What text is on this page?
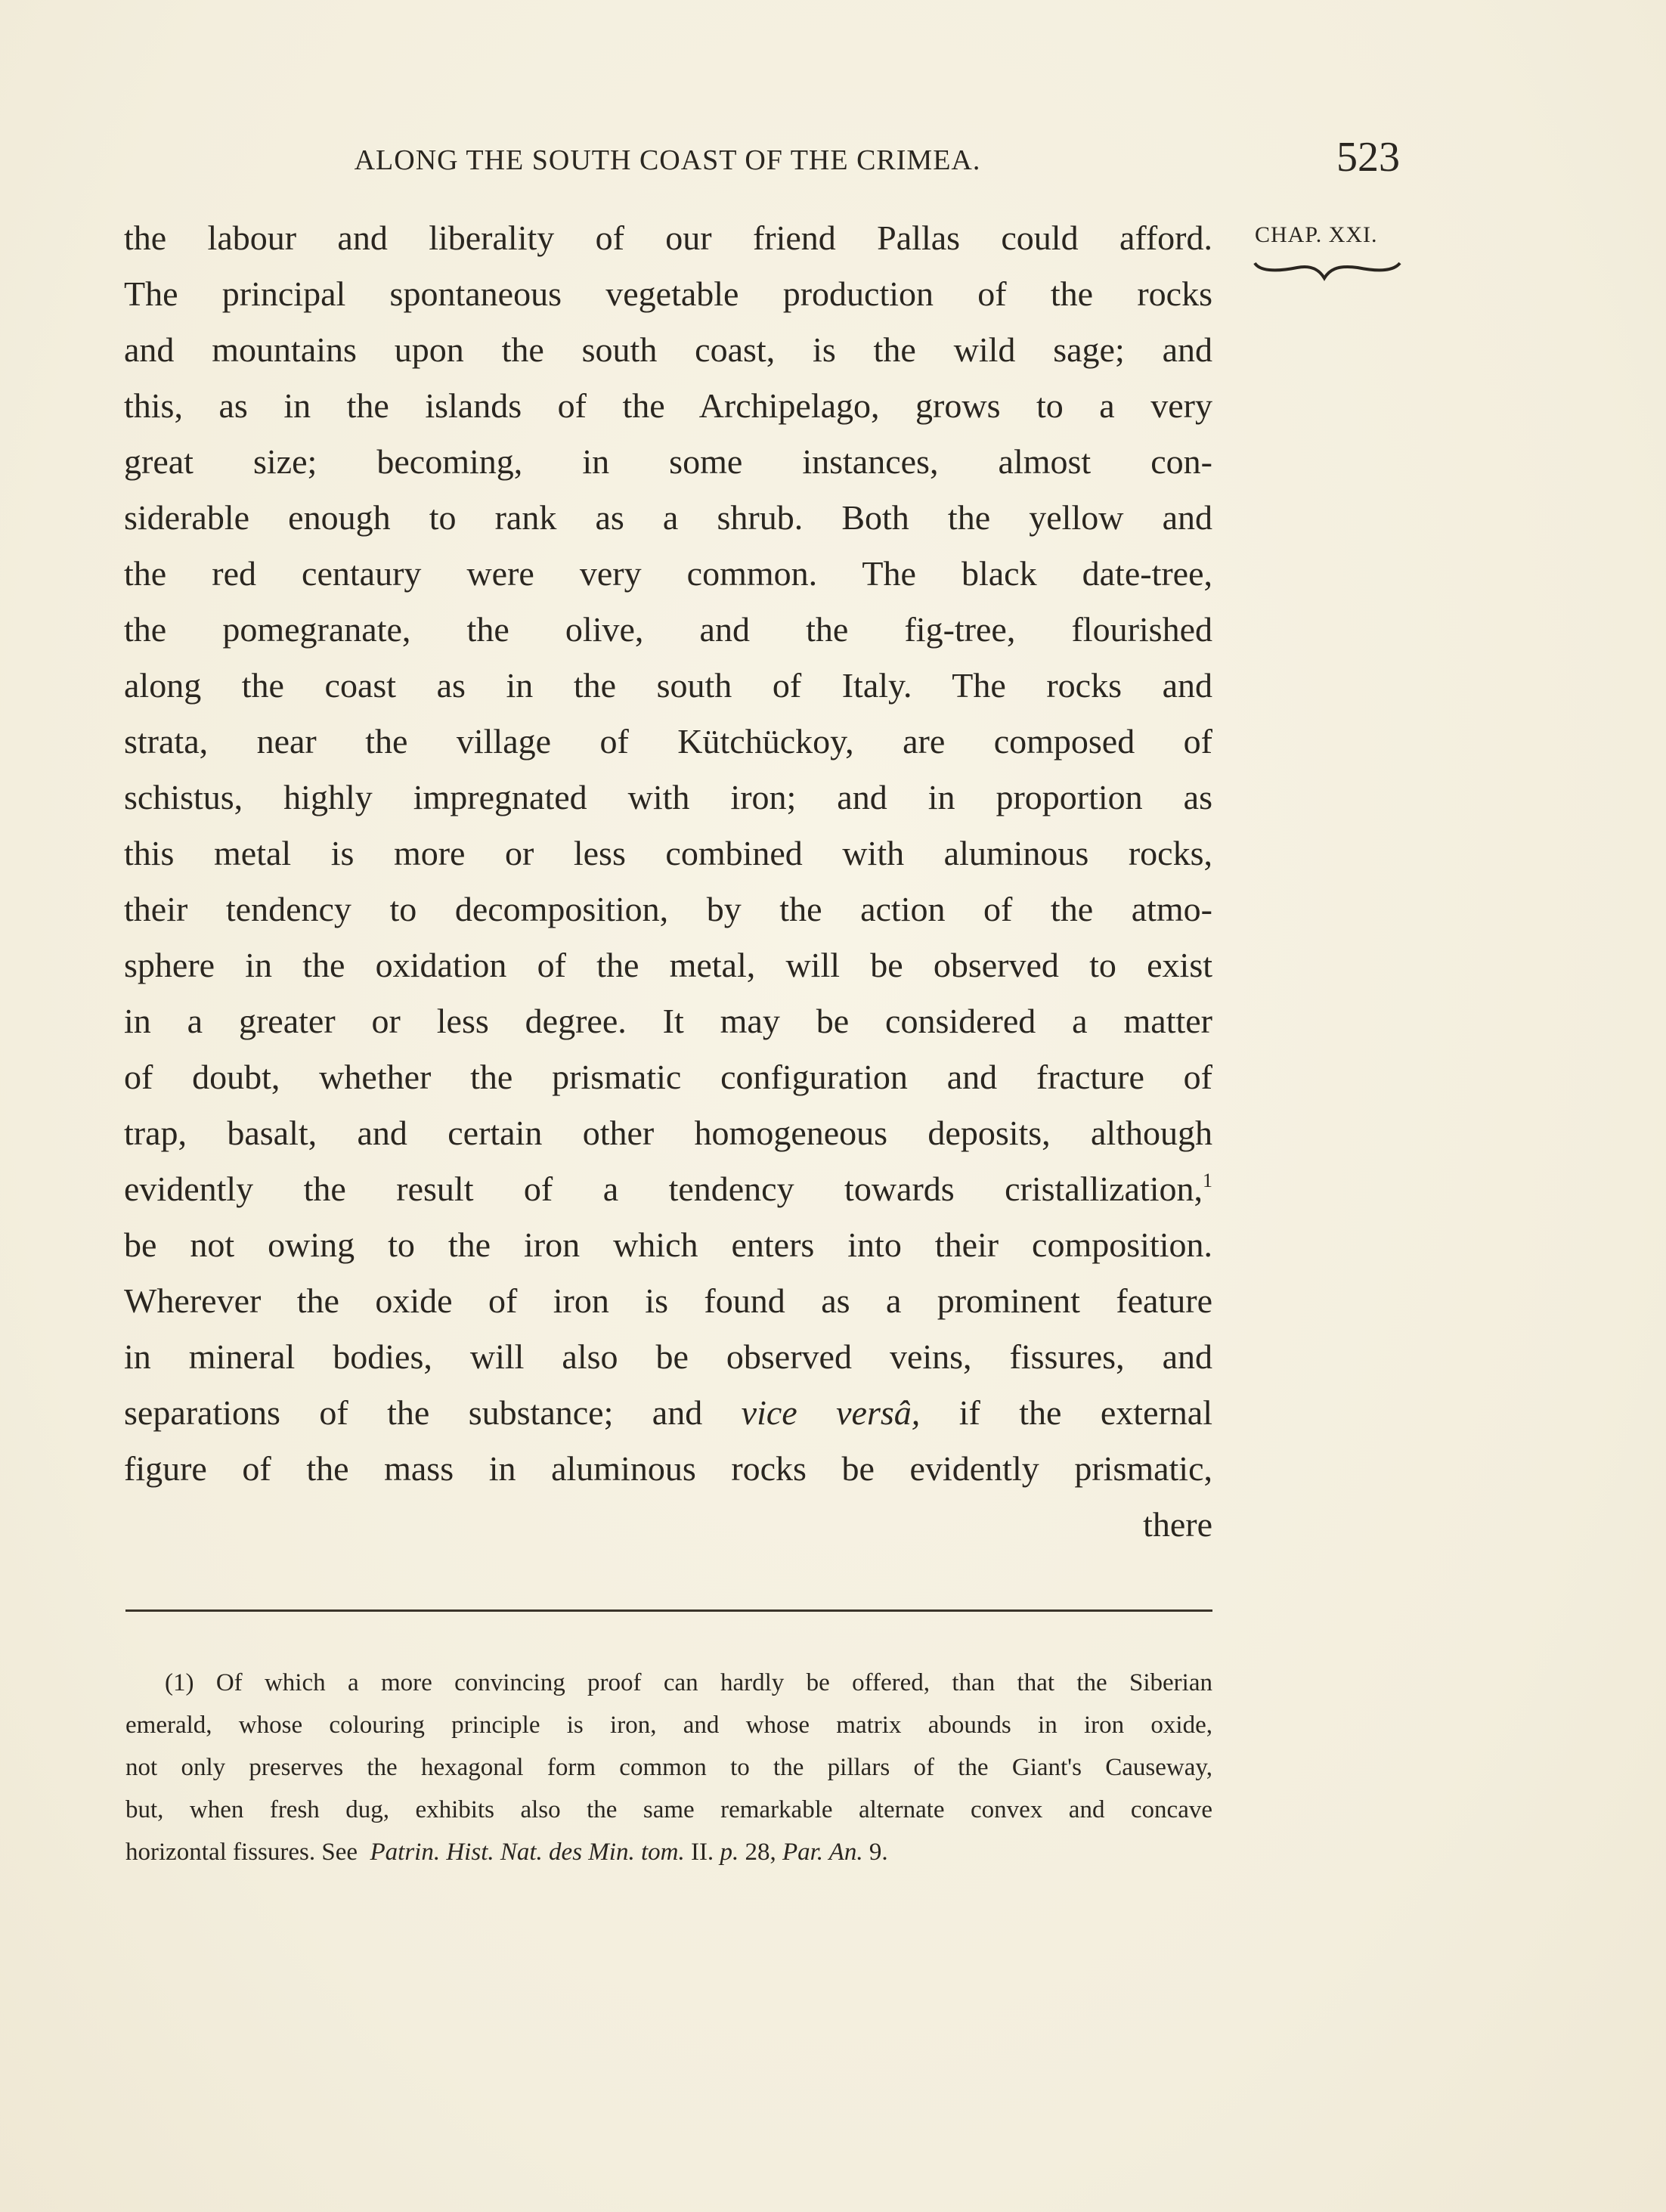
ALONG THE SOUTH COAST OF THE CRIMEA.	523
CHAP. XXI.
the labour and liberality of our friend Pallas could afford.
The principal spontaneous vegetable production of the rocks
and mountains upon the south coast, is the wild sage; and
this, as in the islands of the Archipelago, grows to a very
great size; becoming, in some instances, almost con-
siderable enough to rank as a shrub. Both the yellow and
the red centaury were very common. The black date-tree,
the pomegranate, the olive, and the fig-tree, flourished
along the coast as in the south of Italy. The rocks and
strata, near the village of Kütchückoy, are composed of
schistus, highly impregnated with iron; and in proportion as
this metal is more or less combined with aluminous rocks,
their tendency to decomposition, by the action of the atmo-
sphere in the oxidation of the metal, will be observed to exist
in a greater or less degree. It may be considered a matter
of doubt, whether the prismatic configuration and fracture of
trap, basalt, and certain other homogeneous deposits, although
evidently the result of a tendency towards cristallization,$^1$
be not owing to the iron which enters into their composition.
Wherever the oxide of iron is found as a prominent feature
in mineral bodies, will also be observed veins, fissures, and
separations of the substance; and vice versâ, if the external
figure of the mass in aluminous rocks be evidently prismatic,
there
(1) Of which a more convincing proof can hardly be offered, than that the Siberian
emerald, whose colouring principle is iron, and whose matrix abounds in iron oxide,
not only preserves the hexagonal form common to the pillars of the Giant's Causeway,
but, when fresh dug, exhibits also the same remarkable alternate convex and concave
horizontal fissures. See Patrin. Hist. Nat. des Min. tom. II. p. 28, Par. An. 9.
